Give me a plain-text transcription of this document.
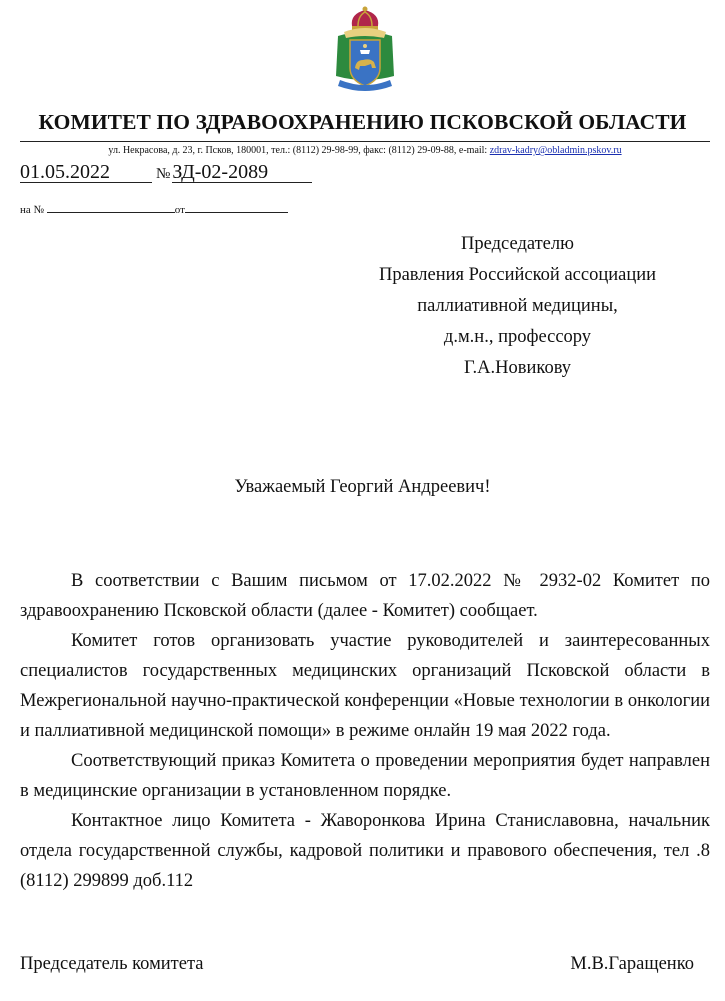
КОМИТЕТ ПО ЗДРАВООХРАНЕНИЮ ПСКОВСКОЙ ОБЛАСТИ
ул. Некрасова, д. 23, г. Псков, 180001, тел.: (8112) 29-98-99, факс: (8112) 29-09-88, e-mail: zdrav-kadry@obladmin.pskov.ru
01.05.2022	№ ЗД-02-2089
на №	от
Председателю
Правления Российской ассоциации
паллиативной медицины,
д.м.н., профессору
Г.А.Новикову
Уважаемый Георгий Андреевич!

В соответствии с Вашим письмом от 17.02.2022 № 2932-02 Комитет по здравоохранению Псковской области (далее - Комитет) сообщает.

Комитет готов организовать участие руководителей и заинтересованных специалистов государственных медицинских организаций Псковской области в Межрегиональной научно-практической конференции «Новые технологии в онкологии и паллиативной медицинской помощи» в режиме онлайн 19 мая 2022 года.

Соответствующий приказ Комитета о проведении мероприятия будет направлен в медицинские организации в установленном порядке.

Контактное лицо Комитета - Жаворонкова Ирина Станиславовна, начальник отдела государственной службы, кадровой политики и правового обеспечения, тел .8 (8112) 299899 доб.112

Председатель комитета	М.В.Гаращенко
